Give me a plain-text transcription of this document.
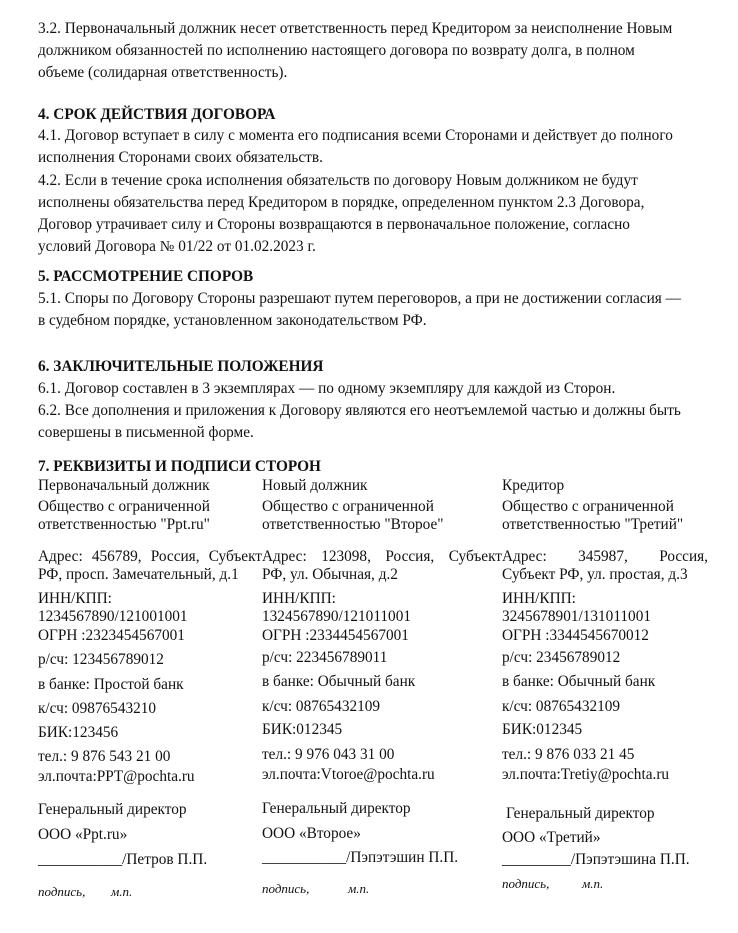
3.2. Первоначальный должник несет ответственность перед Кредитором за неисполнение Новым
должником обязанностей по исполнению настоящего договора по возврату долга, в полном
объеме (солидарная ответственность).
4. СРОК ДЕЙСТВИЯ ДОГОВОРА
4.1. Договор вступает в силу с момента его подписания всеми Сторонами и действует до полного
исполнения Сторонами своих обязательств.
4.2. Если в течение срока исполнения обязательств по договору Новым должником не будут
исполнены обязательства перед Кредитором в порядке, определенном пунктом 2.3 Договора,
Договор утрачивает силу и Стороны возвращаются в первоначальное положение, согласно
условий Договора № 01/22 от 01.02.2023 г.
5. РАССМОТРЕНИЕ СПОРОВ
5.1. Споры по Договору Стороны разрешают путем переговоров, а при не достижении согласия —
в судебном порядке, установленном законодательством РФ.
6. ЗАКЛЮЧИТЕЛЬНЫЕ ПОЛОЖЕНИЯ
6.1. Договор составлен в 3 экземплярах — по одному экземпляру для каждой из Сторон.
6.2. Все дополнения и приложения к Договору являются его неотъемлемой частью и должны быть
совершены в письменной форме.
7. РЕКВИЗИТЫ И ПОДПИСИ СТОРОН
Первоначальный должник
Общество с ограниченной
ответственностью "Ppt.ru"
Адрес: 456789, Россия, Субъект
РФ, просп. Замечательный, д.1
ИНН/КПП:
1234567890/121001001
ОГРН :2323454567001
р/сч: 123456789012
в банке: Простой банк
к/сч: 09876543210
БИК:123456
тел.: 9 876 543 21 00
эл.почта:PPT@pochta.ru
Генеральный директор
ООО «Ppt.ru»
___________/Петров П.П.
подпись, м.п.
Новый должник
Общество с ограниченной
ответственностью "Второе"
Адрес: 123098, Россия, Субъект
РФ, ул. Обычная, д.2
ИНН/КПП:
1324567890/121011001
ОГРН :2334454567001
р/сч: 223456789011
в банке: Обычный банк
к/сч: 08765432109
БИК:012345
тел.: 9 976 043 31 00
эл.почта:Vtoroe@pochta.ru
Генеральный директор
ООО «Второе»
___________/Пэпэтэшин П.П.
подпись,	м.п.
Кредитор
Общество с ограниченной
ответственностью "Третий"
Адрес: 345987, Россия,
Субъект РФ, ул. простая, д.3
ИНН/КПП:
3245678901/131011001
ОГРН :3344545670012
р/сч: 23456789012
в банке: Обычный банк
к/сч: 08765432109
БИК:012345
тел.: 9 876 033 21 45
эл.почта:Tretiy@pochta.ru
Генеральный директор
ООО «Третий»
_________/Пэпэтэшина П.П.
подпись,	м.п.
